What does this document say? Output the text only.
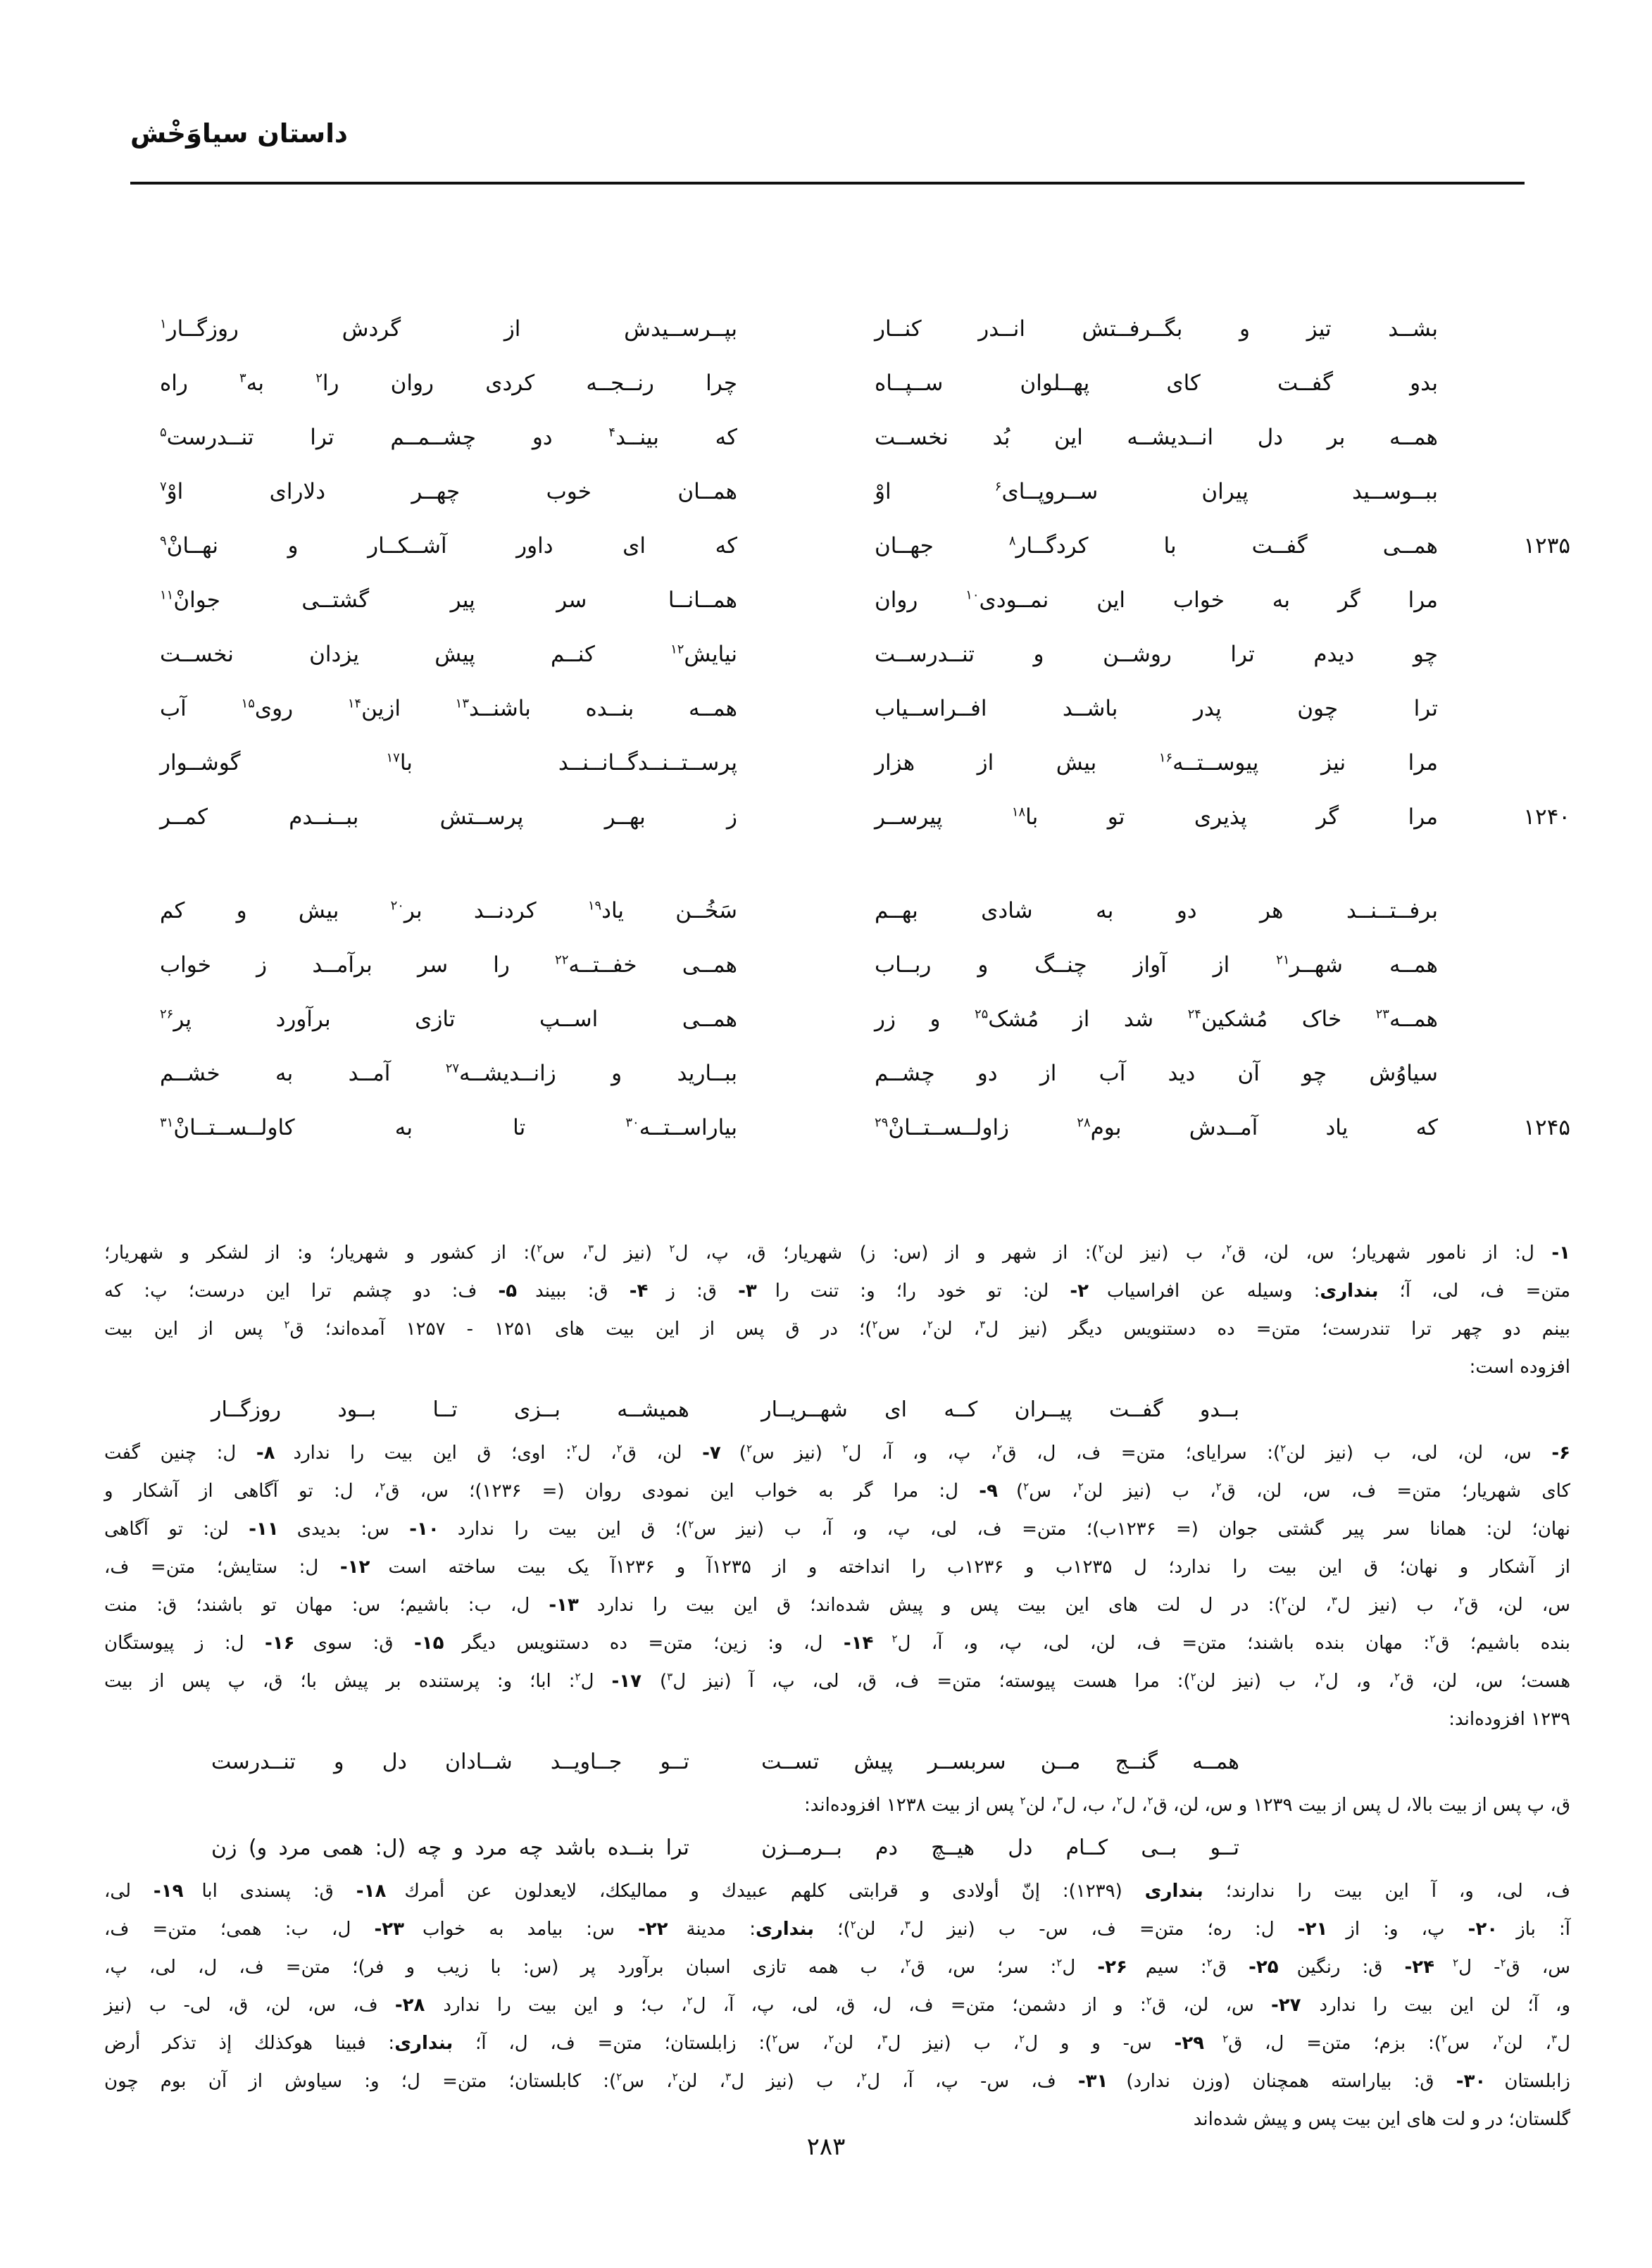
داستان سیاوَخْش
بشــد تیز و بگــرفــتش انــدر کنــار
بپــرســیدش از گردش روزگــار$^۱$
بدو گفــت کای پهــلوان ســپــاه
چرا رنــجــه کردی روان را$^۲$ به$^۳$ راه
همــه بر دل انــدیشــه این بُد نخســت
که بینــد$^۴$ دو چشــمــم ترا تنــدرست$^۵$
ببــوســید پیران ســروپــای$^۶$ اوْ
همــان خوب چهــر دلارای اوْ$^۷$
۱۲۳۵
همــی گفــت با کردگــار$^۸$ جهــان
که ای داور آشــکــار و نهــانْ$^۹$
مرا گر به خواب این نمــودی$^{۱۰}$ روان
همــانــا سر پیر گشتــی جوانْ$^{۱۱}$
چو دیدم ترا روشــن و تنــدرســت
نیایش$^{۱۲}$ کنــم پیش یزدان نخســت
ترا چون پدر باشــد افــراســیاب
همــه بنــده باشنــد$^{۱۳}$ ازین$^{۱۴}$ روی$^{۱۵}$ آب
مرا نیز پیوســتــه$^{۱۶}$ بیش از هزار
پرســتــنــدگــانــنــد با$^{۱۷}$ گوشــوار
۱۲۴۰
مرا گر پذیری تو با$^{۱۸}$ پیرســر
ز بهــر پرســتش ببــنــدم کمــر
برفــتــنــد هر دو به شادی بهــم
سَخُــن یاد$^{۱۹}$ کردنــد بر$^{۲۰}$ بیش و کم
همــه شهــر$^{۲۱}$ از آواز چنــگ و ربــاب
همــی خفــتــه$^{۲۲}$ را سر برآمــد ز خواب
همــه$^{۲۳}$ خاک مُشکین$^{۲۴}$ شد از مُشک$^{۲۵}$ و زر
همــی اســپ تازی برآورد پر$^{۲۶}$
سیاوُش چو آن دید آب از دو چشــم
ببــارید و زانــدیشــه$^{۲۷}$ آمــد به خشــم
۱۲۴۵
که یاد آمــدش بوم$^{۲۸}$ زاولــســتــانْ$^{۲۹}$
بیاراســتــه$^{۳۰}$ تا به کاولــســتــانْ$^{۳۱}$
۱- ل: از نامور شهریار؛ س، لن، ق$^۲$، ب (نیز لن$^۲$): از شهر و از (س: ز) شهریار؛ ق، پ، ل$^۲$ (نیز ل$^۳$، س$^۲$): از کشور و شهریار؛ و: از لشکر و شهریار؛
متن= ف، لی، آ؛ بنداری: وسیله عن افراسیاب ۲- لن: تو خود را؛ و: تنت را ۳- ق: ز ۴- ق: ببیند ۵- ف: دو چشم ترا این درست؛ پ: که
بینم دو چهر ترا تندرست؛ متن= ده دستنویس دیگر (نیز ل$^۳$، لن$^۲$، س$^۲$)؛ در ق پس از این بیت های ۱۲۵۱ - ۱۲۵۷ آمده‌اند؛ ق$^۲$ پس از این بیت
افزوده است:
بــدو گفــت پیــران کــه ای شهــریــار
همیشــه بــزی تــا بــود روزگــار
۶- س، لن، لی، ب (نیز لن$^۲$): سرایای؛ متن= ف، ل، ق$^۲$، پ، و، آ، ل$^۲$ (نیز س$^۲$) ۷- لن، ق$^۲$، ل$^۲$: اوی؛ ق این بیت را ندارد ۸- ل: چنین گفت
کای شهریار؛ متن= ف، س، لن، ق$^۲$، ب (نیز لن$^۲$، س$^۲$) ۹- ل: مرا گر به خواب این نمودی روان (= ۱۲۳۶)؛ س، ق$^۲$، ل: تو آگاهی از آشکار و
نهان؛ لن: همانا سر پیر گشتی جوان (= ۱۲۳۶ب)؛ متن= ف، لی، پ، و، آ، ب (نیز س$^۲$)؛ ق این بیت را ندارد ۱۰- س: بدیدی ۱۱- لن: تو آگاهی
از آشکار و نهان؛ ق این بیت را ندارد؛ ل ۱۲۳۵ب و ۱۲۳۶ب را انداخته و از ۱۲۳۵آ و ۱۲۳۶آ یک بیت ساخته است ۱۲- ل: ستایش؛ متن= ف،
س، لن، ق$^۲$، ب (نیز ل$^۳$، لن$^۲$): در ل لت های این بیت پس و پیش شده‌اند؛ ق این بیت را ندارد ۱۳- ل، ب: باشیم؛ س: مهان تو باشند؛ ق: منت
بنده باشیم؛ ق$^۲$: مهان بنده باشند؛ متن= ف، لن، لی، پ، و، آ، ل$^۲$ ۱۴- ل، و: زین؛ متن= ده دستنویس دیگر ۱۵- ق: سوی ۱۶- ل: ز پیوستگان
هست؛ س، لن، ق$^۲$، و، ل$^۲$، ب (نیز لن$^۲$): مرا هست پیوسته؛ متن= ف، ق، لی، پ، آ (نیز ل$^۳$) ۱۷- ل$^۲$: ابا؛ و: پرستنده بر پیش با؛ ق، پ پس از بیت
۱۲۳۹ افزوده‌اند:
همــه گنــج مــن سربســر پیش تســت
تــو جــاویــد شــادان دل و تنــدرست
ق، پ پس از بیت بالا، ل پس از بیت ۱۲۳۹ و س، لن، ق$^۲$، ل$^۲$، ب، ل$^۳$، لن$^۲$ پس از بیت ۱۲۳۸ افزوده‌اند:
تــو بــی کــام دل هیــچ دم بــرمــزن
ترا بنــده باشد چه مرد و چه (ل: همی مرد و) زن
ف، لی، و، آ این بیت را ندارند؛ بنداری (۱۲۳۹): إنّ أولادی و قرابتی کلهم عبیدك و ممالیکك، لایعدلون عن أمرك ۱۸- ق: پسندی ابا ۱۹- لی،
آ: باز ۲۰- پ، و: از ۲۱- ل: ره؛ متن= ف، س- ب (نیز ل$^۳$، لن$^۲$)؛ بنداری: مدینة ۲۲- س: بیامد به خواب ۲۳- ل، ب: همی؛ متن= ف،
س، ق$^۲$- ل$^۲$ ۲۴- ق: رنگین ۲۵- ق$^۲$: سیم ۲۶- ل$^۲$: سر؛ س، ق$^۲$، ب همه تازی اسبان برآورد پر (س: با زیب و فر)؛ متن= ف، ل، لی، پ،
و، آ؛ لن این بیت را ندارد ۲۷- س، لن، ق$^۲$: و از دشمن؛ متن= ف، ل، ق، لی، پ، آ، ل$^۲$، ب؛ و این بیت را ندارد ۲۸- ف، س، لن، ق، لی- ب (نیز
ل$^۳$، لن$^۲$، س$^۲$): بزم؛ متن= ل، ق$^۲$ ۲۹- س- و و ل$^۲$، ب (نیز ل$^۳$، لن$^۲$، س$^۲$): زابلستان؛ متن= ف، ل، آ؛ بنداری: فبینا هوکذلك إذ تذکر أرض
زابلستان ۳۰- ق: بیاراسته همچنان (وزن ندارد) ۳۱- ف، س- پ، آ، ل$^۲$، ب (نیز ل$^۳$، لن$^۲$، س$^۲$): کابلستان؛ متن= ل؛ و: سیاوش از آن بوم چون
گلستان؛ در و لت های این بیت پس و پیش شده‌اند
۲۸۳
